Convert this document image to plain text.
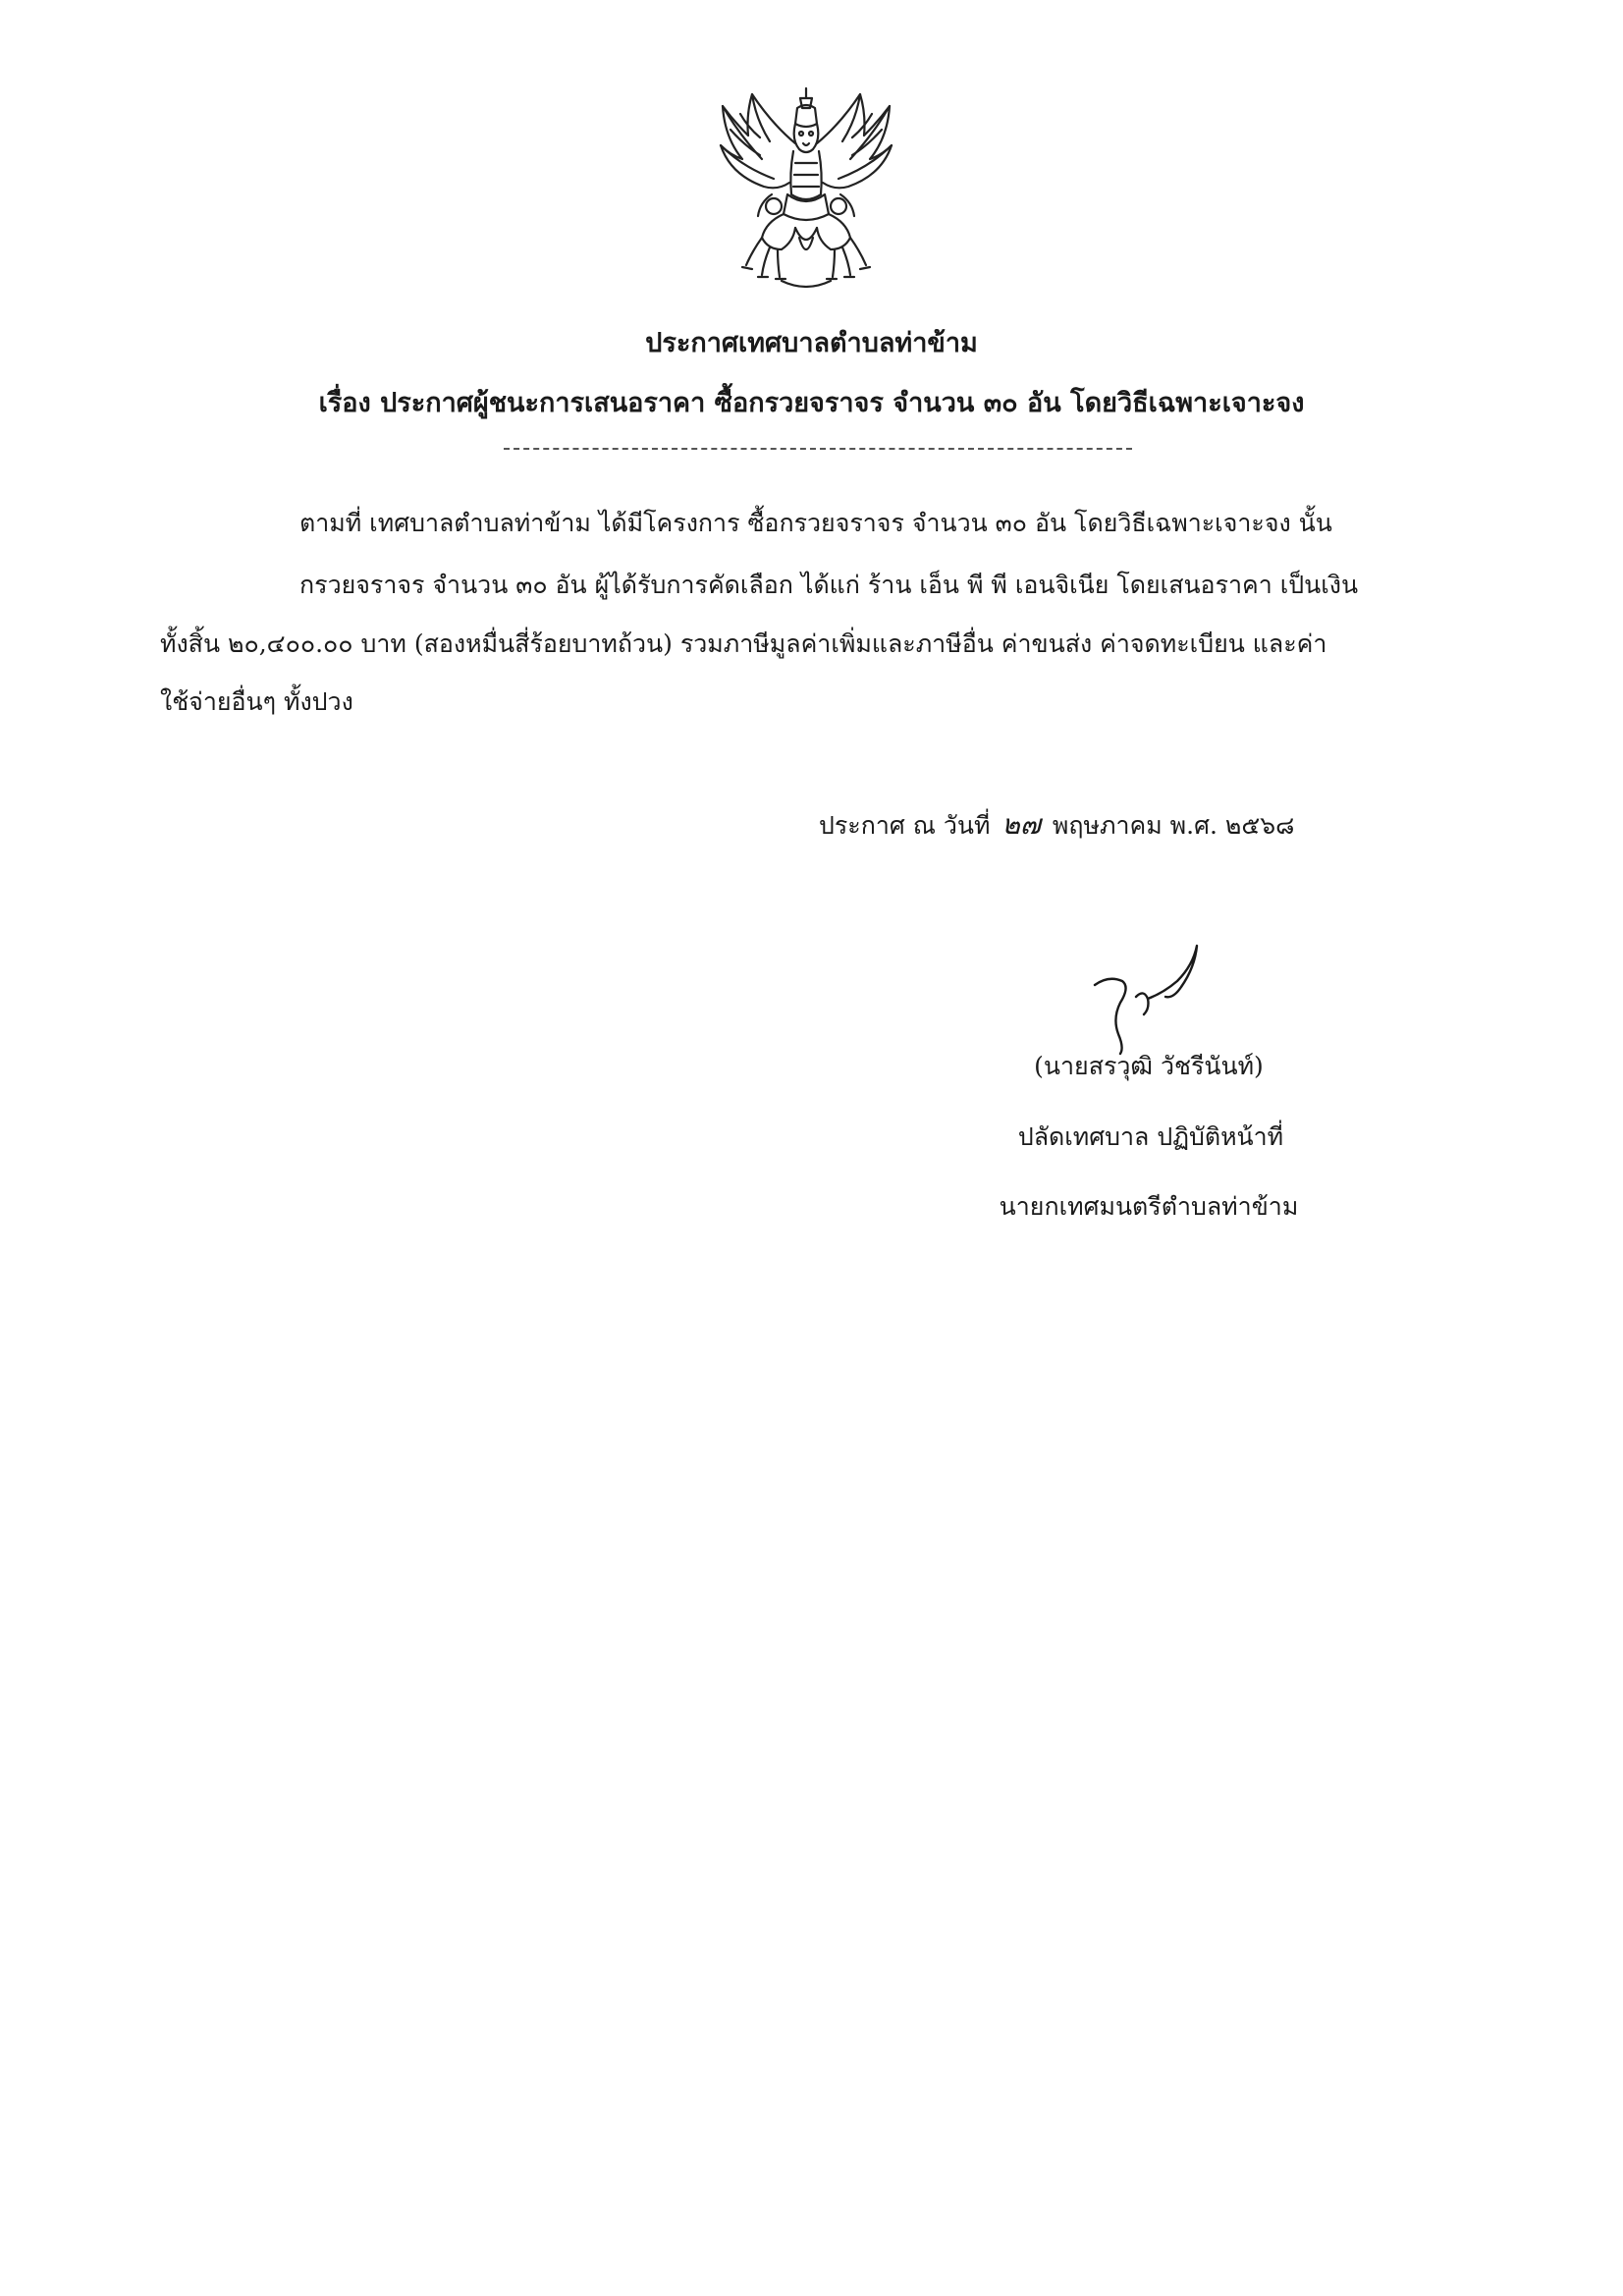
ประกาศเทศบาลตำบลท่าข้าม
เรื่อง ประกาศผู้ชนะการเสนอราคา ซื้อกรวยจราจร จำนวน ๓๐ อัน โดยวิธีเฉพาะเจาะจง
ตามที่ เทศบาลตำบลท่าข้าม ได้มีโครงการ ซื้อกรวยจราจร จำนวน ๓๐ อัน โดยวิธีเฉพาะเจาะจง นั้น
กรวยจราจร จำนวน ๓๐ อัน ผู้ได้รับการคัดเลือก ได้แก่ ร้าน เอ็น พี พี เอนจิเนีย โดยเสนอราคา เป็นเงิน
ทั้งสิ้น ๒๐,๔๐๐.๐๐ บาท (สองหมื่นสี่ร้อยบาทถ้วน) รวมภาษีมูลค่าเพิ่มและภาษีอื่น ค่าขนส่ง ค่าจดทะเบียน และค่า
ใช้จ่ายอื่นๆ ทั้งปวง
ประกาศ ณ วันที่ ๒๗ พฤษภาคม พ.ศ. ๒๕๖๘
(นายสรวุฒิ วัชรีนันท์)
ปลัดเทศบาล ปฏิบัติหน้าที่
นายกเทศมนตรีตำบลท่าข้าม
